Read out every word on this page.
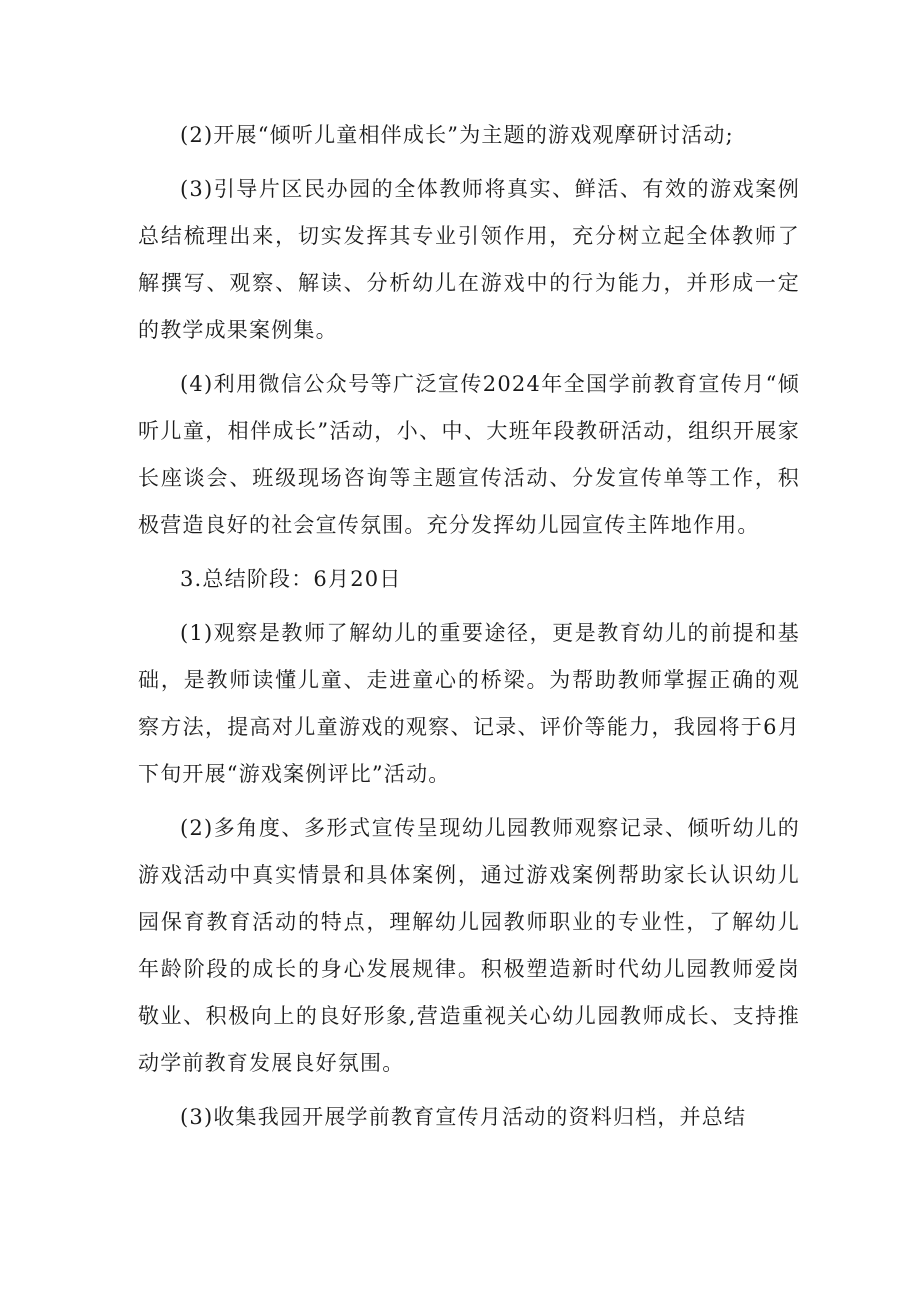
(2)开展“倾听儿童相伴成长”为主题的游戏观摩研讨活动;

(3)引导片区民办园的全体教师将真实、鲜活、有效的游戏案例总结梳理出来，切实发挥其专业引领作用，充分树立起全体教师了解撰写、观察、解读、分析幼儿在游戏中的行为能力，并形成一定的教学成果案例集。

(4)利用微信公众号等广泛宣传2024年全国学前教育宣传月“倾听儿童，相伴成长”活动，小、中、大班年段教研活动，组织开展家长座谈会、班级现场咨询等主题宣传活动、分发宣传单等工作，积极营造良好的社会宣传氛围。充分发挥幼儿园宣传主阵地作用。

3.总结阶段：6月20日

(1)观察是教师了解幼儿的重要途径，更是教育幼儿的前提和基础，是教师读懂儿童、走进童心的桥梁。为帮助教师掌握正确的观察方法，提高对儿童游戏的观察、记录、评价等能力，我园将于6月下旬开展“游戏案例评比”活动。

(2)多角度、多形式宣传呈现幼儿园教师观察记录、倾听幼儿的游戏活动中真实情景和具体案例，通过游戏案例帮助家长认识幼儿园保育教育活动的特点，理解幼儿园教师职业的专业性，了解幼儿年龄阶段的成长的身心发展规律。积极塑造新时代幼儿园教师爱岗敬业、积极向上的良好形象,营造重视关心幼儿园教师成长、支持推动学前教育发展良好氛围。

(3)收集我园开展学前教育宣传月活动的资料归档，并总结
